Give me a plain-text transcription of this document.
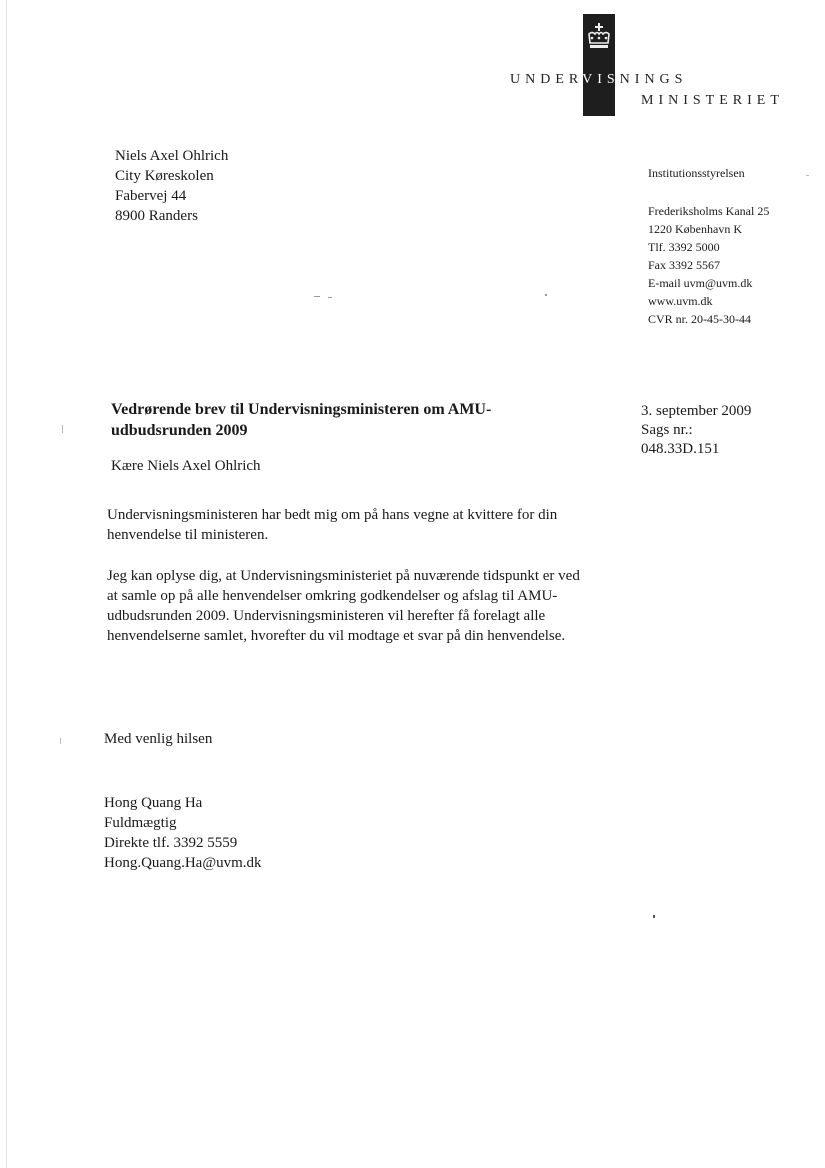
UNDERVISNINGS
MINISTERIET
Niels Axel Ohlrich
City Køreskolen
Fabervej 44
8900 Randers
Institutionsstyrelsen
Frederiksholms Kanal 25
1220 København K
Tlf. 3392 5000
Fax 3392 5567
E-mail uvm@uvm.dk
www.uvm.dk
CVR nr. 20-45-30-44
Vedrørende brev til Undervisningsministeren om AMU-udbudsrunden 2009
3. september 2009
Sags nr.:
048.33D.151
Kære Niels Axel Ohlrich
Undervisningsministeren har bedt mig om på hans vegne at kvittere for din henvendelse til ministeren.
Jeg kan oplyse dig, at Undervisningsministeriet på nuværende tidspunkt er ved at samle op på alle henvendelser omkring godkendelser og afslag til AMU-udbudsrunden 2009. Undervisningsministeren vil herefter få forelagt alle henvendelserne samlet, hvorefter du vil modtage et svar på din henvendelse.
Med venlig hilsen
Hong Quang Ha
Fuldmægtig
Direkte tlf. 3392 5559
Hong.Quang.Ha@uvm.dk
